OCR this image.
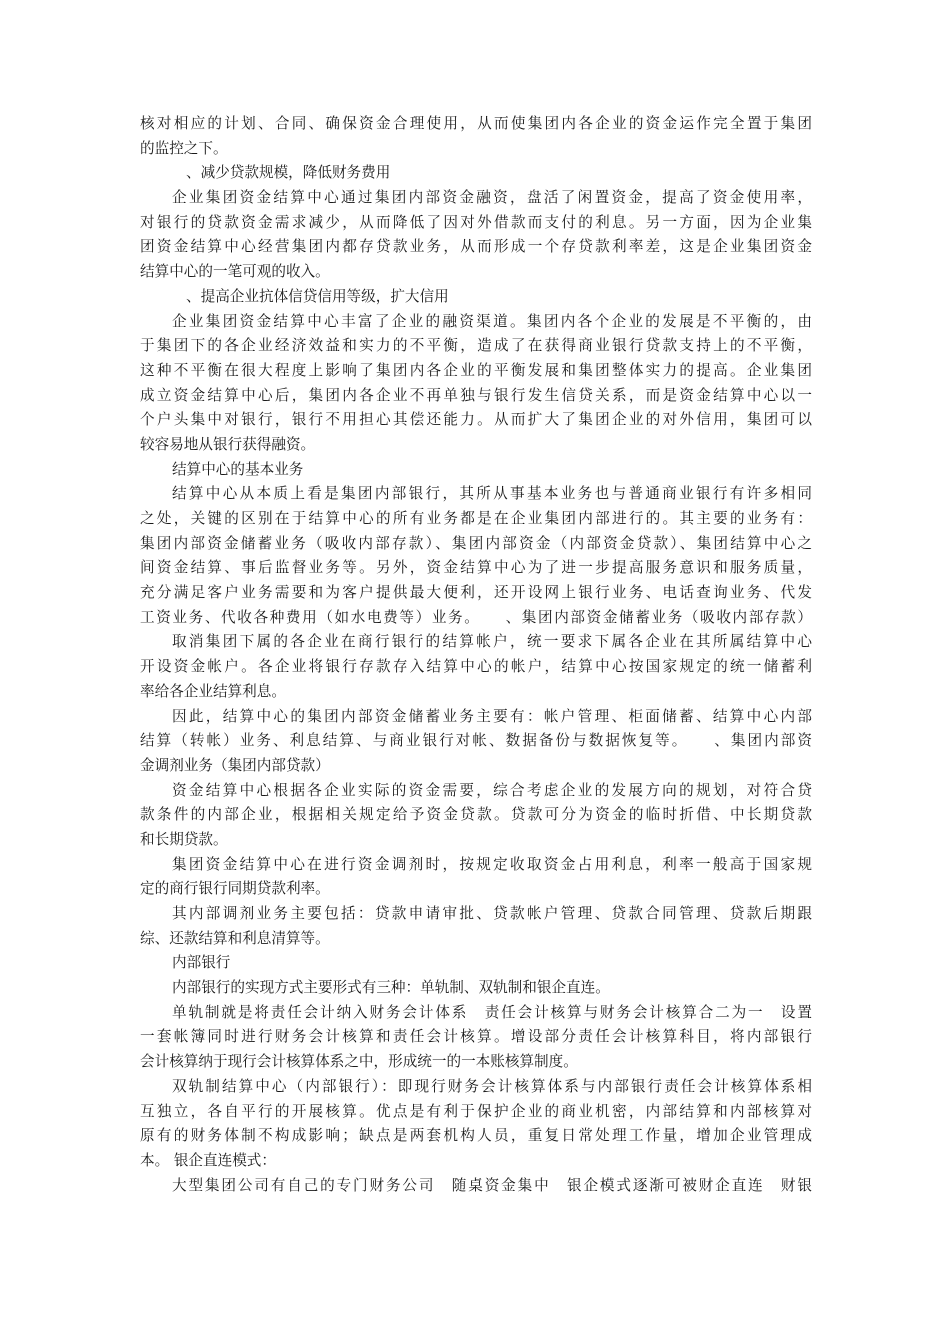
核对相应的计划、合同、确保资金合理使用，从而使集团内各企业的资金运作完全置于集团
的监控之下。
、减少贷款规模，降低财务费用
企业集团资金结算中心通过集团内部资金融资，盘活了闲置资金，提高了资金使用率，
对银行的贷款资金需求减少，从而降低了因对外借款而支付的利息。另一方面，因为企业集
团资金结算中心经营集团内都存贷款业务，从而形成一个存贷款利率差，这是企业集团资金
结算中心的一笔可观的收入。
、提高企业抗体信贷信用等级，扩大信用
企业集团资金结算中心丰富了企业的融资渠道。集团内各个企业的发展是不平衡的，由
于集团下的各企业经济效益和实力的不平衡，造成了在获得商业银行贷款支持上的不平衡，
这种不平衡在很大程度上影响了集团内各企业的平衡发展和集团整体实力的提高。企业集团
成立资金结算中心后，集团内各企业不再单独与银行发生信贷关系，而是资金结算中心以一
个户头集中对银行，银行不用担心其偿还能力。从而扩大了集团企业的对外信用，集团可以
较容易地从银行获得融资。
结算中心的基本业务
结算中心从本质上看是集团内部银行，其所从事基本业务也与普通商业银行有许多相同
之处，关键的区别在于结算中心的所有业务都是在企业集团内部进行的。其主要的业务有：
集团内部资金储蓄业务（吸收内部存款）、集团内部资金（内部资金贷款）、集团结算中心之
间资金结算、事后监督业务等。另外，资金结算中心为了进一步提高服务意识和服务质量，
充分满足客户业务需要和为客户提供最大便利，还开设网上银行业务、电话查询业务、代发
工资业务、代收各种费用（如水电费等）业务。　　、集团内部资金储蓄业务（吸收内部存款）
取消集团下属的各企业在商行银行的结算帐户，统一要求下属各企业在其所属结算中心
开设资金帐户。各企业将银行存款存入结算中心的帐户，结算中心按国家规定的统一储蓄利
率给各企业结算利息。
因此，结算中心的集团内部资金储蓄业务主要有：帐户管理、柜面储蓄、结算中心内部
结算（转帐）业务、利息结算、与商业银行对帐、数据备份与数据恢复等。　　、集团内部资
金调剂业务（集团内部贷款）
资金结算中心根据各企业实际的资金需要，综合考虑企业的发展方向的规划，对符合贷
款条件的内部企业，根据相关规定给予资金贷款。贷款可分为资金的临时折借、中长期贷款
和长期贷款。
集团资金结算中心在进行资金调剂时，按规定收取资金占用利息，利率一般高于国家规
定的商行银行同期贷款利率。
其内部调剂业务主要包括：贷款申请审批、贷款帐户管理、贷款合同管理、贷款后期跟
综、还款结算和利息清算等。
内部银行
内部银行的实现方式主要形式有三种：单轨制、双轨制和银企直连。
单轨制就是将责任会计纳入财务会计体系　责任会计核算与财务会计核算合二为一　设置
一套帐簿同时进行财务会计核算和责任会计核算。增设部分责任会计核算科目，将内部银行
会计核算纳于现行会计核算体系之中，形成统一的一本账核算制度。
双轨制结算中心（内部银行）：即现行财务会计核算体系与内部银行责任会计核算体系相
互独立，各自平行的开展核算。优点是有利于保护企业的商业机密，内部结算和内部核算对
原有的财务体制不构成影响；缺点是两套机构人员，重复日常处理工作量，增加企业管理成
本。 银企直连模式：
大型集团公司有自己的专门财务公司　随桌资金集中　银企模式逐渐可被财企直连　财银
